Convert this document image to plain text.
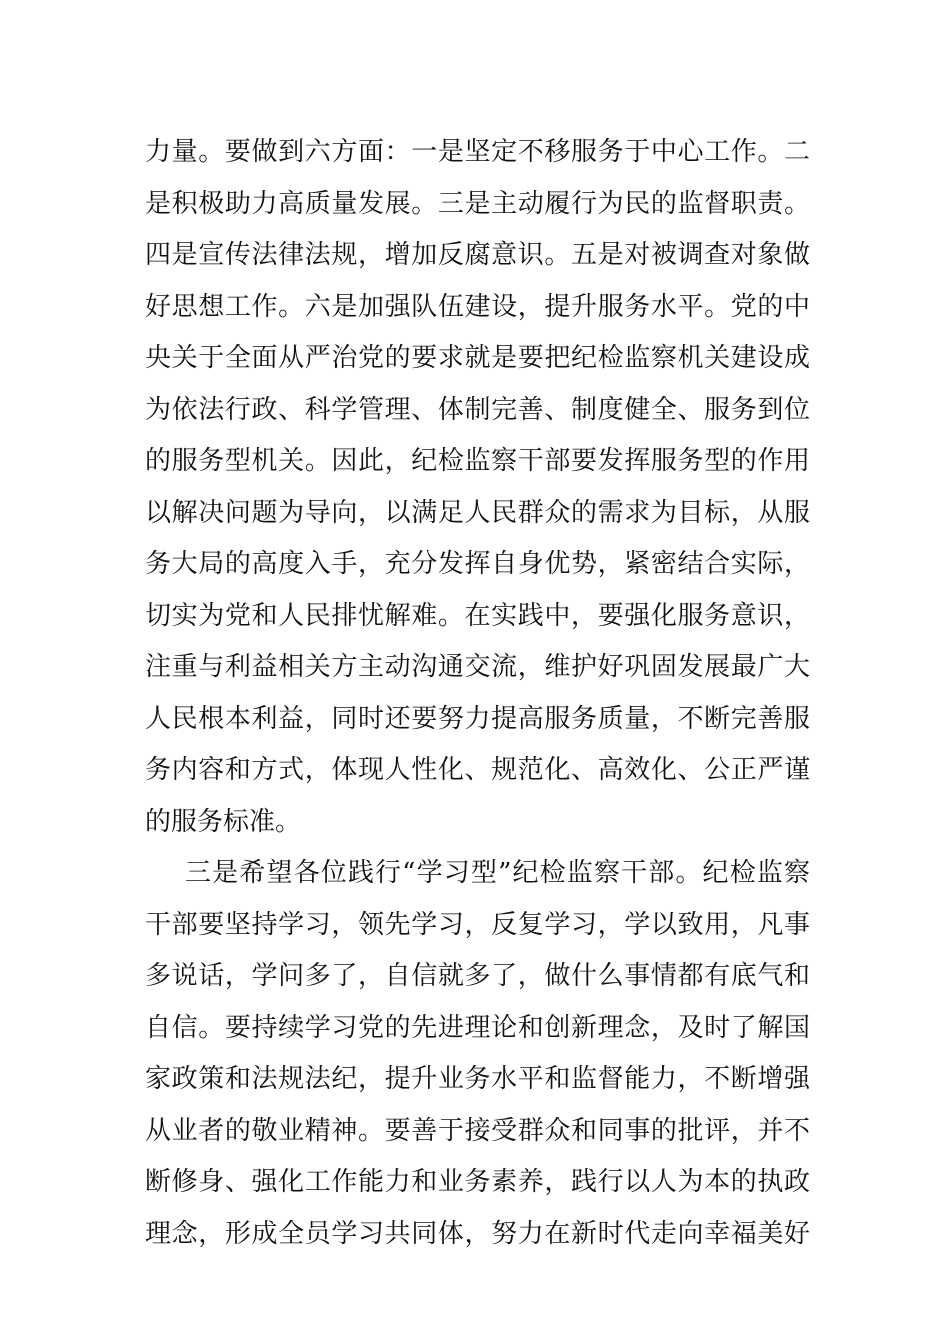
力量。要做到六方面：一是坚定不移服务于中心工作。二
是积极助力高质量发展。三是主动履行为民的监督职责。
四是宣传法律法规，增加反腐意识。五是对被调查对象做
好思想工作。六是加强队伍建设，提升服务水平。党的中
央关于全面从严治党的要求就是要把纪检监察机关建设成
为依法行政、科学管理、体制完善、制度健全、服务到位
的服务型机关。因此，纪检监察干部要发挥服务型的作用
以解决问题为导向，以满足人民群众的需求为目标，从服
务大局的高度入手，充分发挥自身优势，紧密结合实际，
切实为党和人民排忧解难。在实践中，要强化服务意识，
注重与利益相关方主动沟通交流，维护好巩固发展最广大
人民根本利益，同时还要努力提高服务质量，不断完善服
务内容和方式，体现人性化、规范化、高效化、公正严谨
的服务标准。
三是希望各位践行“学习型”纪检监察干部。纪检监察
干部要坚持学习，领先学习，反复学习，学以致用，凡事
多说话，学问多了，自信就多了，做什么事情都有底气和
自信。要持续学习党的先进理论和创新理念，及时了解国
家政策和法规法纪，提升业务水平和监督能力，不断增强
从业者的敬业精神。要善于接受群众和同事的批评，并不
断修身、强化工作能力和业务素养，践行以人为本的执政
理念，形成全员学习共同体，努力在新时代走向幸福美好
